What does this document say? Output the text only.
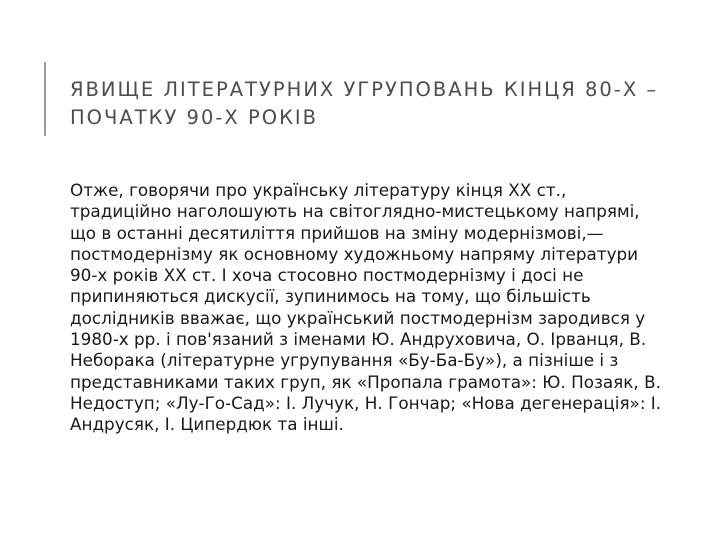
ЯВИЩЕ ЛІТЕРАТУРНИХ УГРУПОВАНЬ КІНЦЯ 80-Х – ПОЧАТКУ 90-Х РОКІВ

Отже, говорячи про українську літературу кінця XX ст., традиційно наголошують на світоглядно-мистецькому напрямі, що в останні десятиліття прийшов на зміну модернізмові,— постмодернізму як основному художньому напряму літератури 90-х років XX ст. І хоча стосовно постмодернізму і досі не припиняються дискусії, зупинимось на тому, що більшість дослідників вважає, що український постмодернізм зародився у 1980-х рр. і пов'язаний з іменами Ю. Андруховича, О. Ірванця, В. Неборака (літературне угрупування «Бу-Ба-Бу»), а пізніше і з представниками таких груп, як «Пропала грамота»: Ю. Позаяк, В. Недоступ; «Лу-Го-Сад»: І. Лучук, Н. Гончар; «Нова дегенерація»: І. Андрусяк, І. Ципердюк та інші.
